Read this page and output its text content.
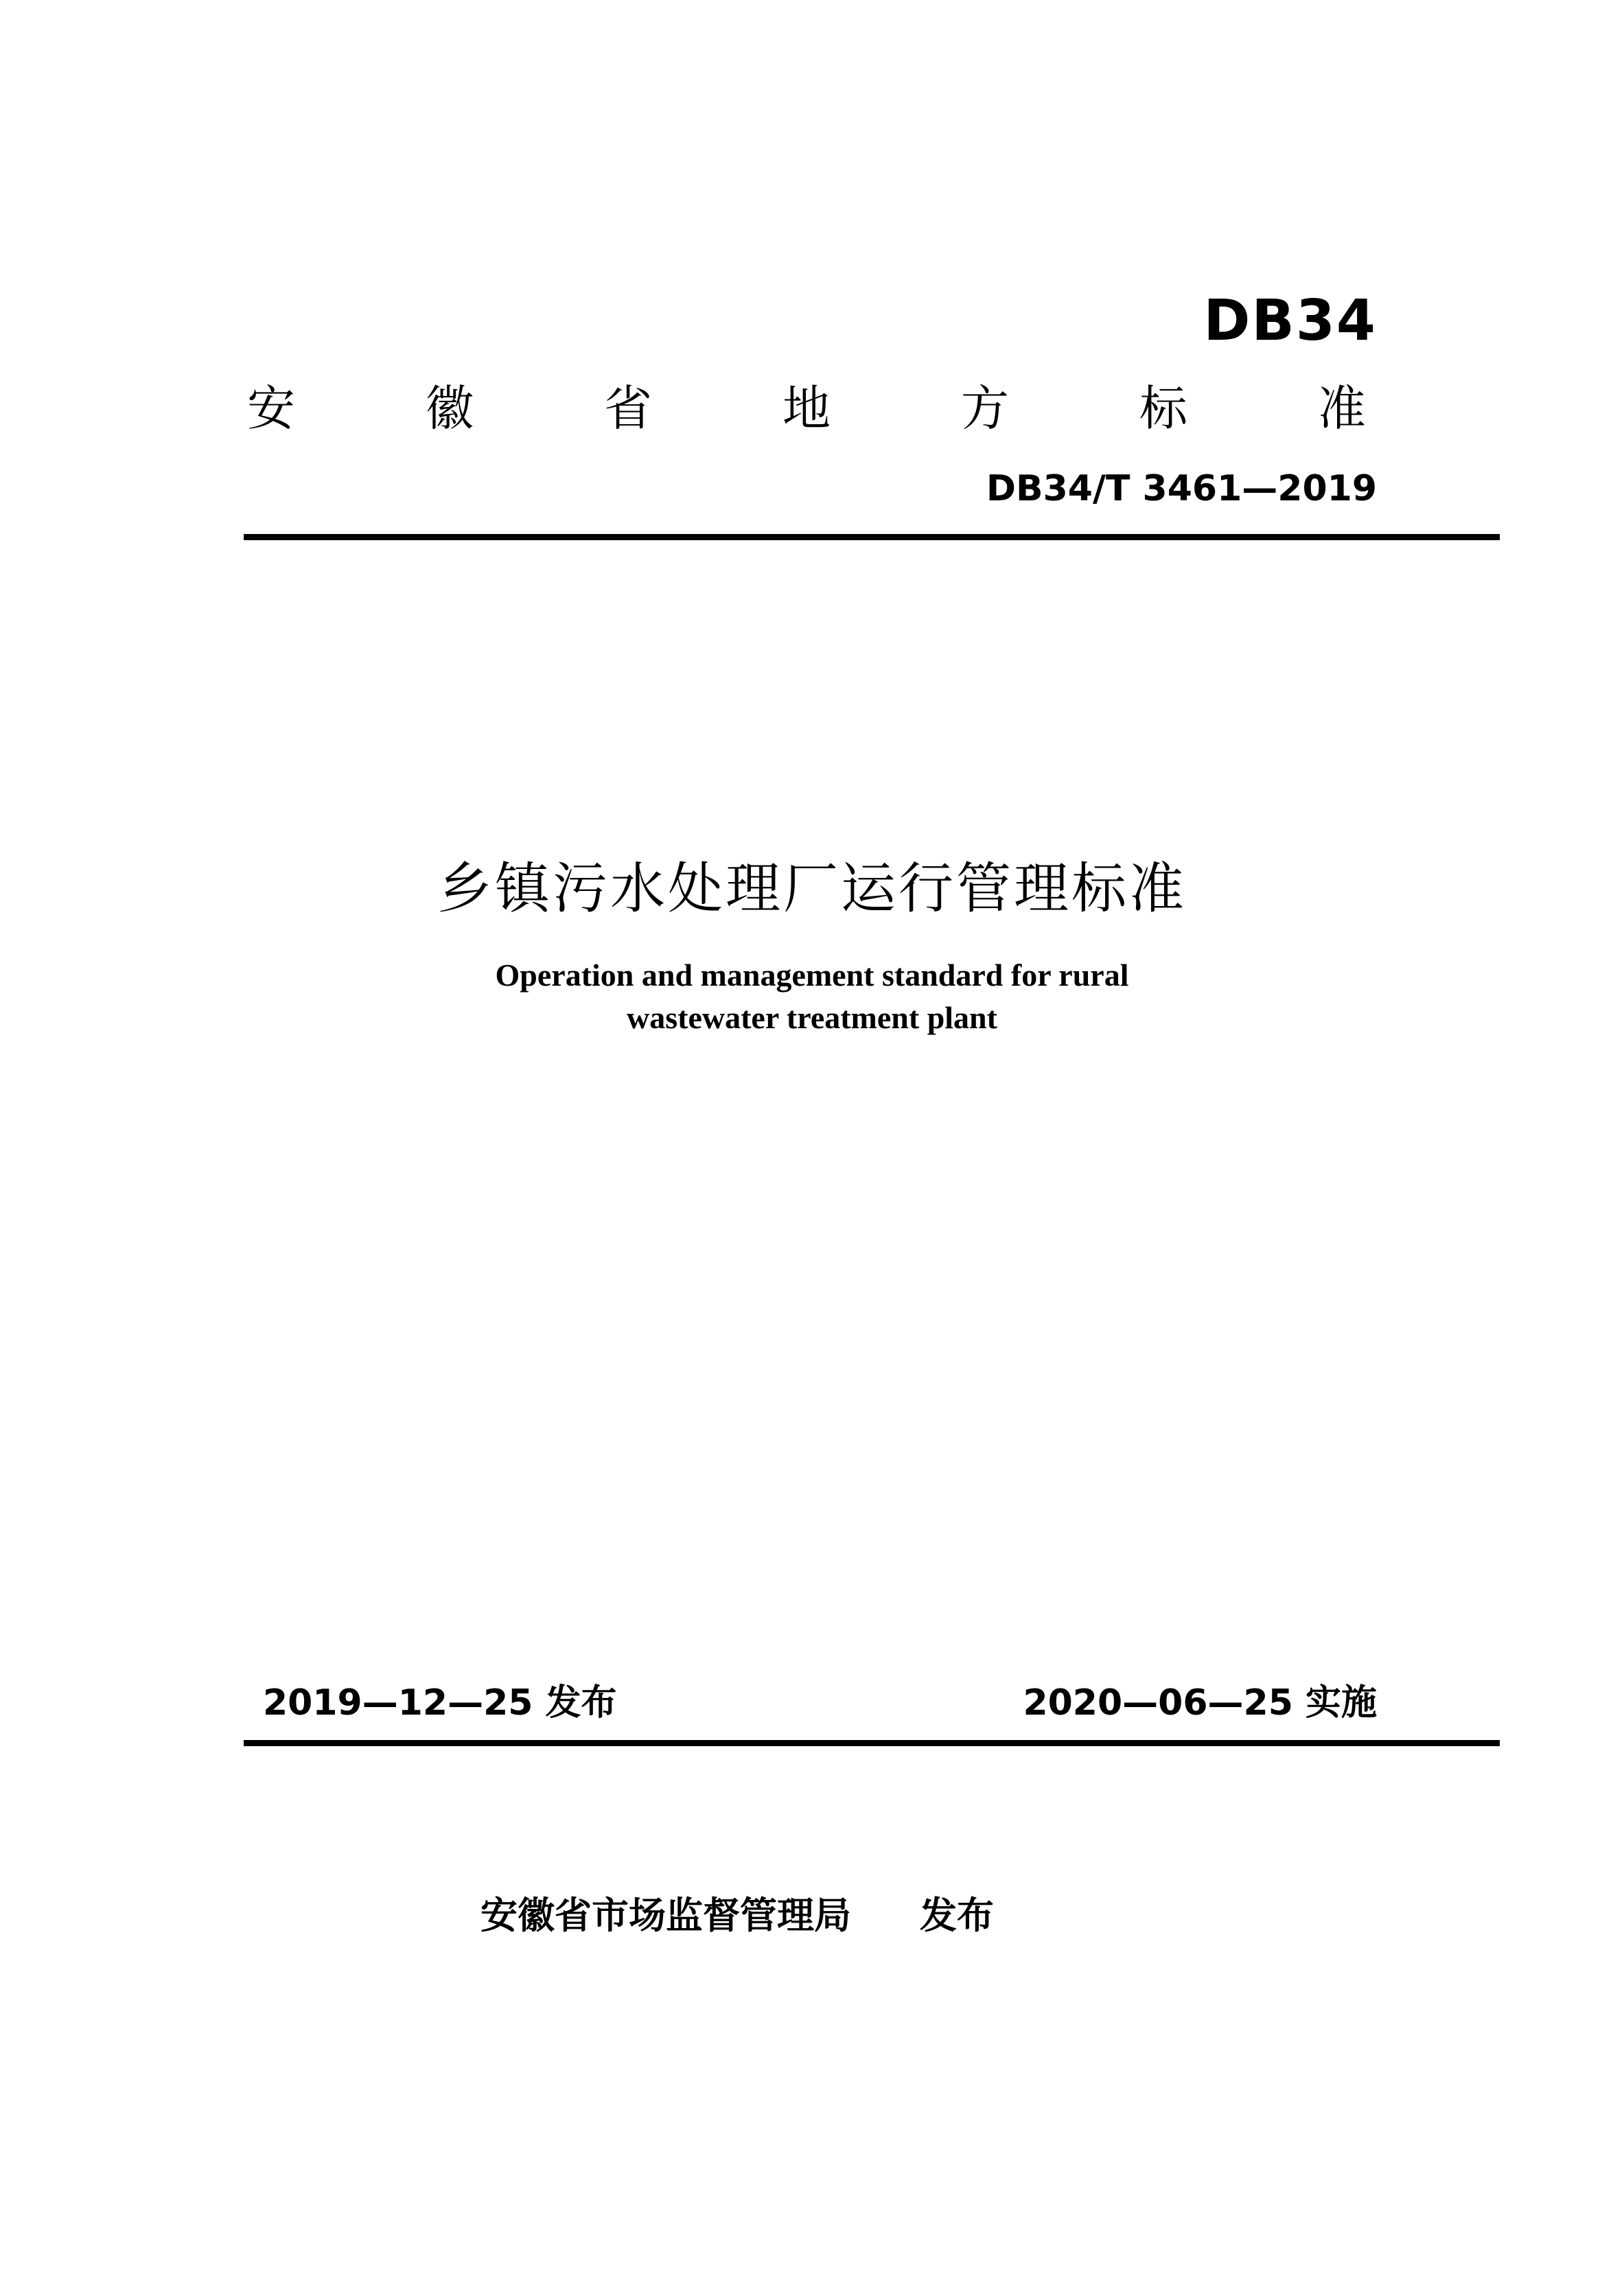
DB34
安	徽	省	地	方	标	准
DB34/T 3461—2019
乡镇污水处理厂运行管理标准
Operation and management standard for rural
wastewater treatment plant
2019—12—25 发布	2020—06—25 实施
安徽省市场监督管理局 发布
